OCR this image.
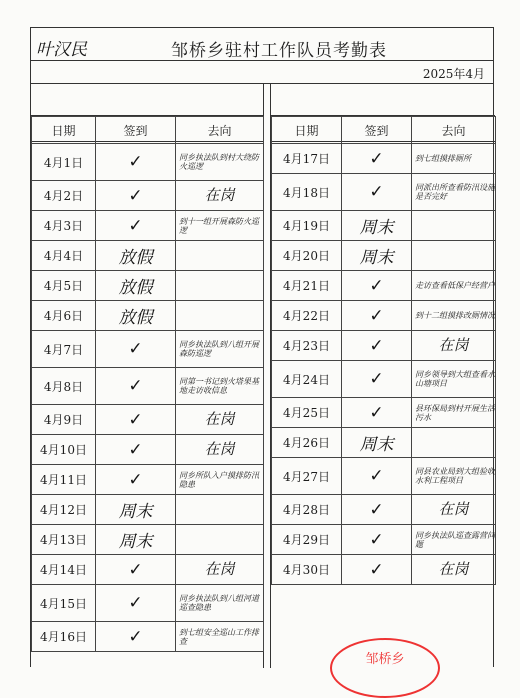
叶汉民	邹桥乡驻村工作队员考勤表
2025年4月
日期	签到	去向
4月1日	✓	同乡执法队到村大绕防火巡逻
4月2日	✓	在岗
4月3日	✓	到十一组开展森防火巡逻
4月4日	放假	
4月5日	放假	
4月6日	放假	
4月7日	✓	同乡执法队到八组开展森防巡逻
4月8日	✓	同第一书记到火塔果基地走访收信息
4月9日	✓	在岗
4月10日	✓	在岗
4月11日	✓	同乡所队入户摸排防汛隐患
4月12日	周末	
4月13日	周末	
4月14日	✓	在岗
4月15日	✓	同乡执法队到八组河道巡查隐患
4月16日	✓	到七组安全巡山工作排查
日期	签到	去向
4月17日	✓	到七组摸排厕所
4月18日	✓	同派出所查看防汛设施是否完好
4月19日	周末	
4月20日	周末	
4月21日	✓	走访查看低保户经营户
4月22日	✓	到十二组摸排改厕情况
4月23日	✓	在岗
4月24日	✓	同乡领导到大组查看水山塘项目
4月25日	✓	县环保局到村开展生活污水
4月26日	周末	
4月27日	✓	同县农业局到大组验收水利工程项目
4月28日	✓	在岗
4月29日	✓	同乡执法队巡查露营问题
4月30日	✓	在岗
邹桥乡
